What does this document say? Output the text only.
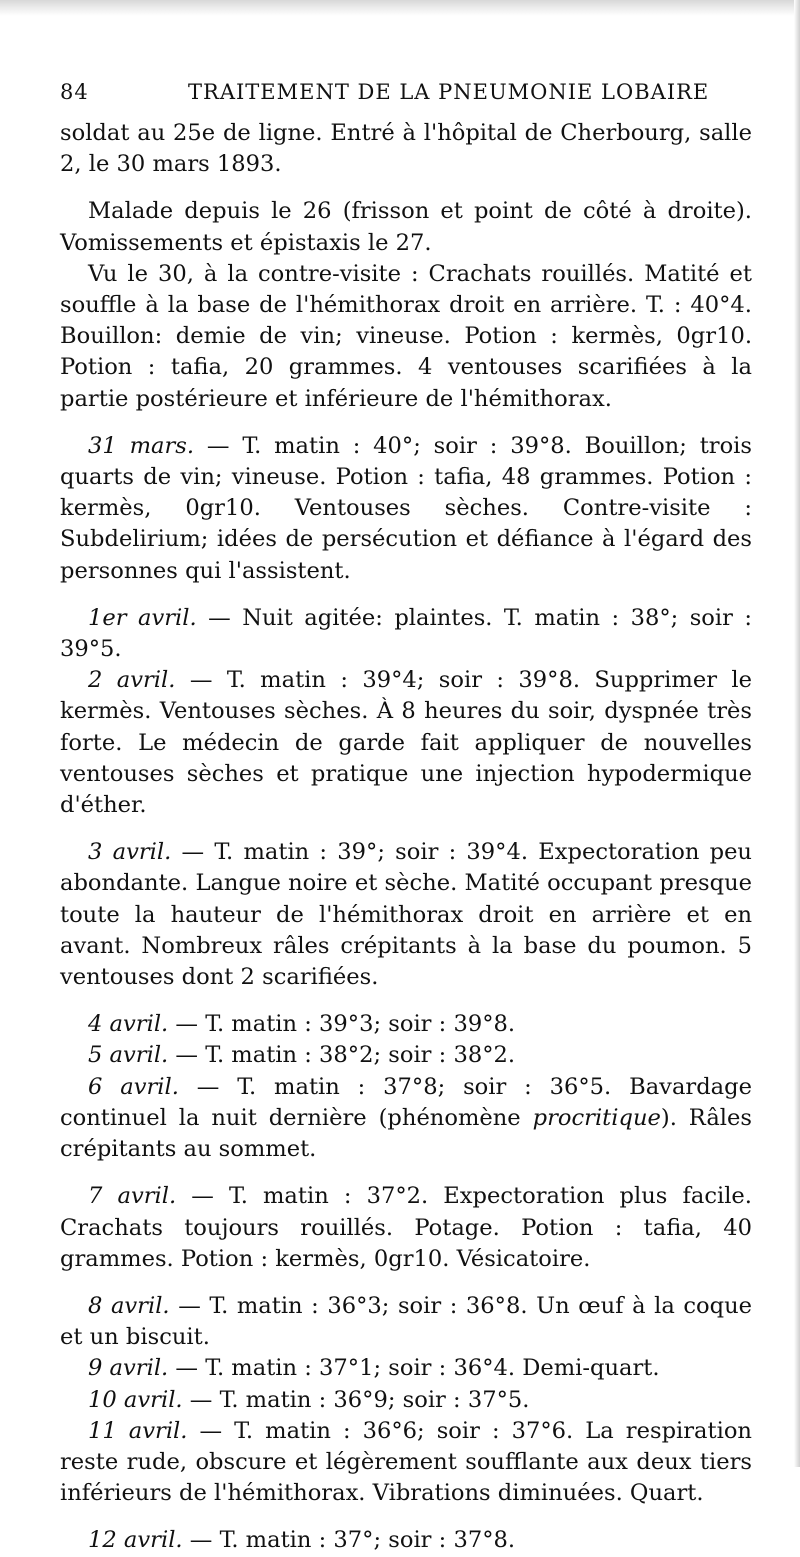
84	TRAITEMENT DE LA PNEUMONIE LOBAIRE

soldat au 25e de ligne. Entré à l'hôpital de Cherbourg, salle 2, le 30 mars 1893.

Malade depuis le 26 (frisson et point de côté à droite). Vomissements et épistaxis le 27.

Vu le 30, à la contre-visite : Crachats rouillés. Matité et souffle à la base de l'hémithorax droit en arrière. T. : 40°4. Bouillon: demie de vin; vineuse. Potion : kermès, 0gr10. Potion : tafia, 20 grammes. 4 ventouses scarifiées à la partie postérieure et inférieure de l'hémithorax.

31 mars. — T. matin : 40°; soir : 39°8. Bouillon; trois quarts de vin; vineuse. Potion : tafia, 48 grammes. Potion : kermès, 0gr10. Ventouses sèches. Contre-visite : Subdelirium; idées de persécution et défiance à l'égard des personnes qui l'assistent.

1er avril. — Nuit agitée: plaintes. T. matin : 38°; soir : 39°5.

2 avril. — T. matin : 39°4; soir : 39°8. Supprimer le kermès. Ventouses sèches. À 8 heures du soir, dyspnée très forte. Le médecin de garde fait appliquer de nouvelles ventouses sèches et pratique une injection hypodermique d'éther.

3 avril. — T. matin : 39°; soir : 39°4. Expectoration peu abondante. Langue noire et sèche. Matité occupant presque toute la hauteur de l'hémithorax droit en arrière et en avant. Nombreux râles crépitants à la base du poumon. 5 ventouses dont 2 scarifiées.

4 avril. — T. matin : 39°3; soir : 39°8.

5 avril. — T. matin : 38°2; soir : 38°2.

6 avril. — T. matin : 37°8; soir : 36°5. Bavardage continuel la nuit dernière (phénomène procritique). Râles crépitants au sommet.

7 avril. — T. matin : 37°2. Expectoration plus facile. Crachats toujours rouillés. Potage. Potion : tafia, 40 grammes. Potion : kermès, 0gr10. Vésicatoire.

8 avril. — T. matin : 36°3; soir : 36°8. Un œuf à la coque et un biscuit.

9 avril. — T. matin : 37°1; soir : 36°4. Demi-quart.

10 avril. — T. matin : 36°9; soir : 37°5.

11 avril. — T. matin : 36°6; soir : 37°6. La respiration reste rude, obscure et légèrement soufflante aux deux tiers inférieurs de l'hémithorax. Vibrations diminuées. Quart.

12 avril. — T. matin : 37°; soir : 37°8.
